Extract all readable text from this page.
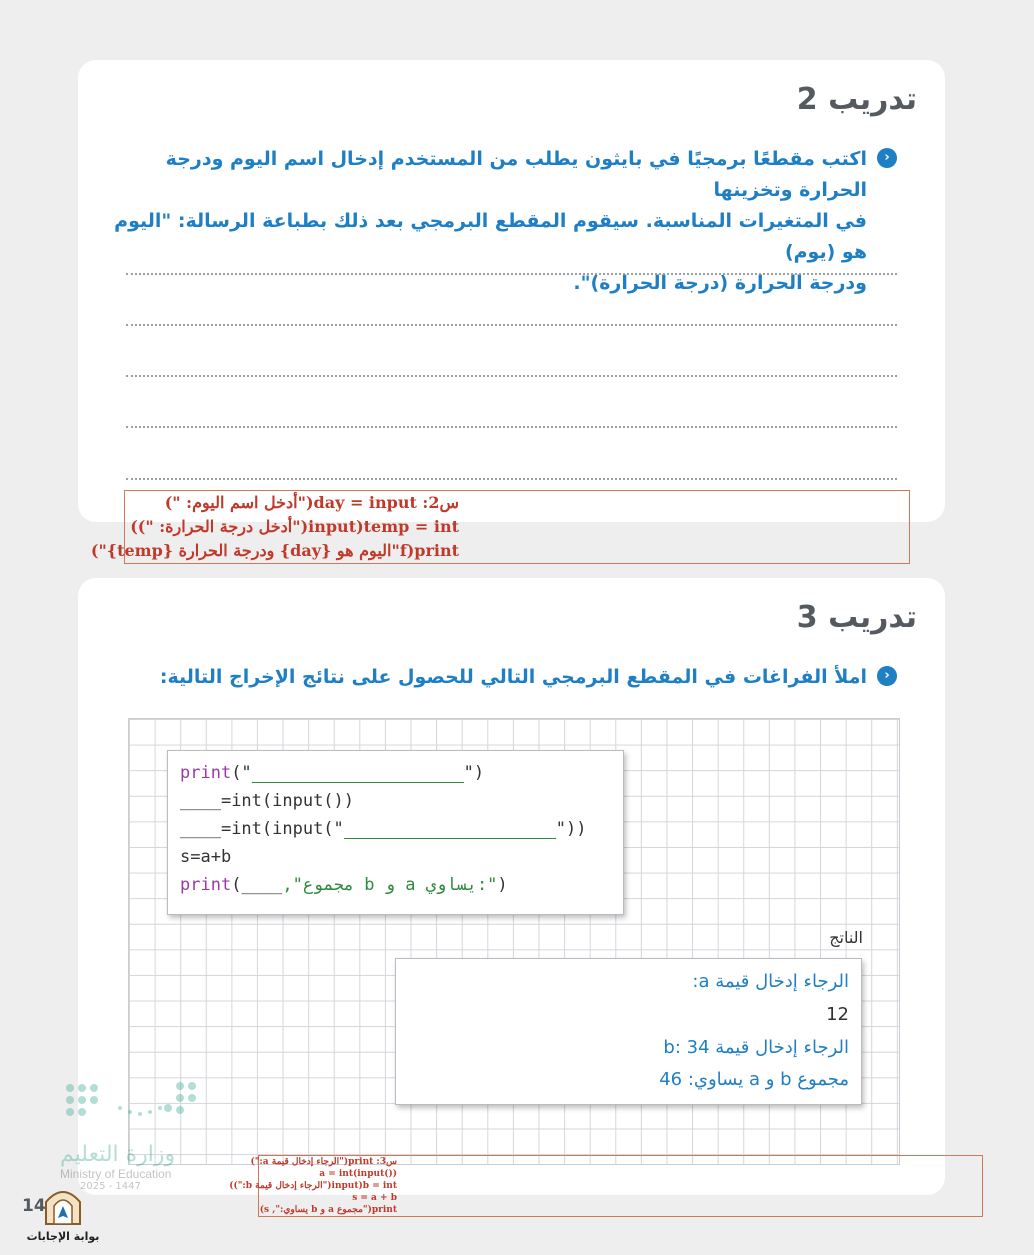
تدريب 2
›
اكتب مقطعًا برمجيًا في بايثون يطلب من المستخدم إدخال اسم اليوم ودرجة الحرارة وتخزينها
في المتغيرات المناسبة. سيقوم المقطع البرمجي بعد ذلك بطباعة الرسالة: "اليوم هو (يوم)
ودرجة الحرارة (درجة الحرارة)".
س2: day = input("أدخل اسم اليوم: ")
temp = int(input("أدخل درجة الحرارة: "))
print(f"اليوم هو {day} ودرجة الحرارة {temp}")
تدريب 3
›
املأ الفراغات في المقطع البرمجي التالي للحصول على نتائج الإخراج التالية:
print("	")
____=int(input())
____=int(input("	"))
s=a+b
print(____,"مجموع b و a يساوي:")
الناتج
الرجاء إدخال قيمة a:
12
الرجاء إدخال قيمة b: 34
مجموع b و a يساوي: 46
س3: print("الرجاء إدخال قيمة a:")
a = int(input())
b = int(input("الرجاء إدخال قيمة b:"))
s = a + b
print("مجموع a و b يساوي:", s)
وزارة التعليم
Ministry of Education
2025 - 1447
14
بوابة الإجابات
